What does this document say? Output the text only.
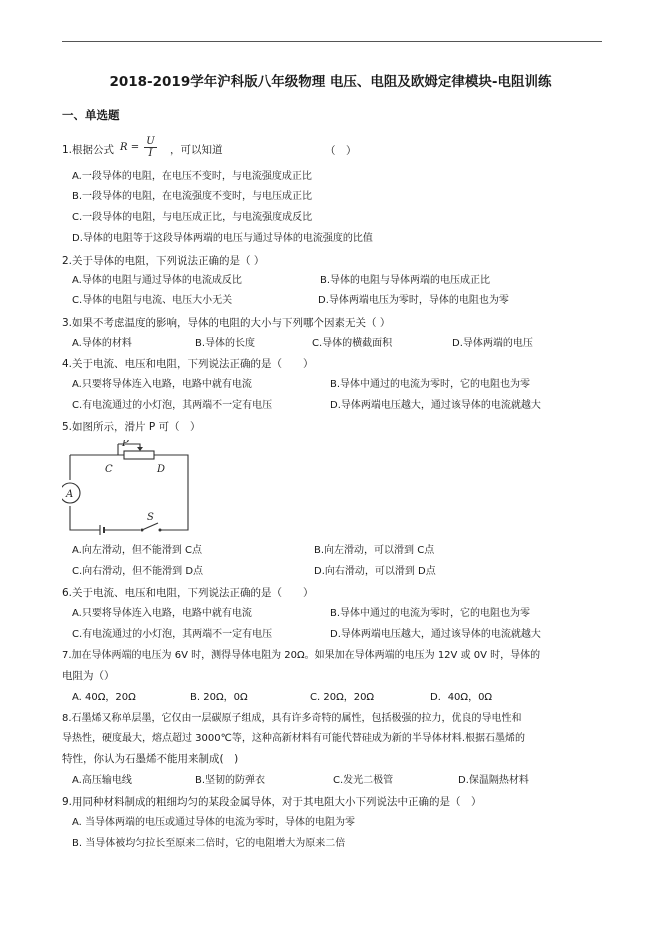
2018-2019学年沪科版八年级物理 电压、电阻及欧姆定律模块-电阻训练
一、单选题
1.根据公式 $R = \frac{U}{I}$ ，可以知道	（　）
A.一段导体的电阻，在电压不变时，与电流强度成正比
B.一段导体的电阻，在电流强度不变时，与电压成正比
C.一段导体的电阻，与电压成正比，与电流强度成反比
D.导体的电阻等于这段导体两端的电压与通过导体的电流强度的比值
2.关于导体的电阻，下列说法正确的是（ ）
A.导体的电阻与通过导体的电流成反比	B.导体的电阻与导体两端的电压成正比
C.导体的电阻与电流、电压大小无关	D.导体两端电压为零时，导体的电阻也为零
3.如果不考虑温度的影响，导体的电阻的大小与下列哪个因素无关（ ）
A.导体的材料	B.导体的长度	C.导体的横截面积	D.导体两端的电压
4.关于电流、电压和电阻，下列说法正确的是（　　）
A.只要将导体连入电路，电路中就有电流	B.导体中通过的电流为零时，它的电阻也为零
C.有电流通过的小灯泡，其两端不一定有电压	D.导体两端电压越大，通过该导体的电流就越大
5.如图所示，滑片 P 可（　）
P
C	D
A
S
A.向左滑动，但不能滑到 C点	B.向左滑动，可以滑到 C点
C.向右滑动，但不能滑到 D点	D.向右滑动，可以滑到 D点
6.关于电流、电压和电阻，下列说法正确的是（　　）
A.只要将导体连入电路，电路中就有电流	B.导体中通过的电流为零时，它的电阻也为零
C.有电流通过的小灯泡，其两端不一定有电压	D.导体两端电压越大，通过该导体的电流就越大
7.加在导体两端的电压为 6V 时，测得导体电阻为 20Ω。如果加在导体两端的电压为 12V 或 0V 时，导体的
电阻为（）
A. 40Ω，20Ω	B. 20Ω，0Ω	C. 20Ω，20Ω	D．40Ω，0Ω
8.石墨烯又称单层墨，它仅由一层碳原子组成，具有许多奇特的属性，包括极强的拉力，优良的导电性和
导热性，硬度最大，熔点超过 3000℃等，这种高新材料有可能代替硅成为新的半导体材料.根据石墨烯的
特性，你认为石墨烯不能用来制成(　)
A.高压输电线	B.坚韧的防弹衣	C.发光二极管	D.保温隔热材料
9.用同种材料制成的粗细均匀的某段金属导体，对于其电阻大小下列说法中正确的是（　）
A. 当导体两端的电压或通过导体的电流为零时，导体的电阻为零
B. 当导体被均匀拉长至原来二倍时，它的电阻增大为原来二倍
